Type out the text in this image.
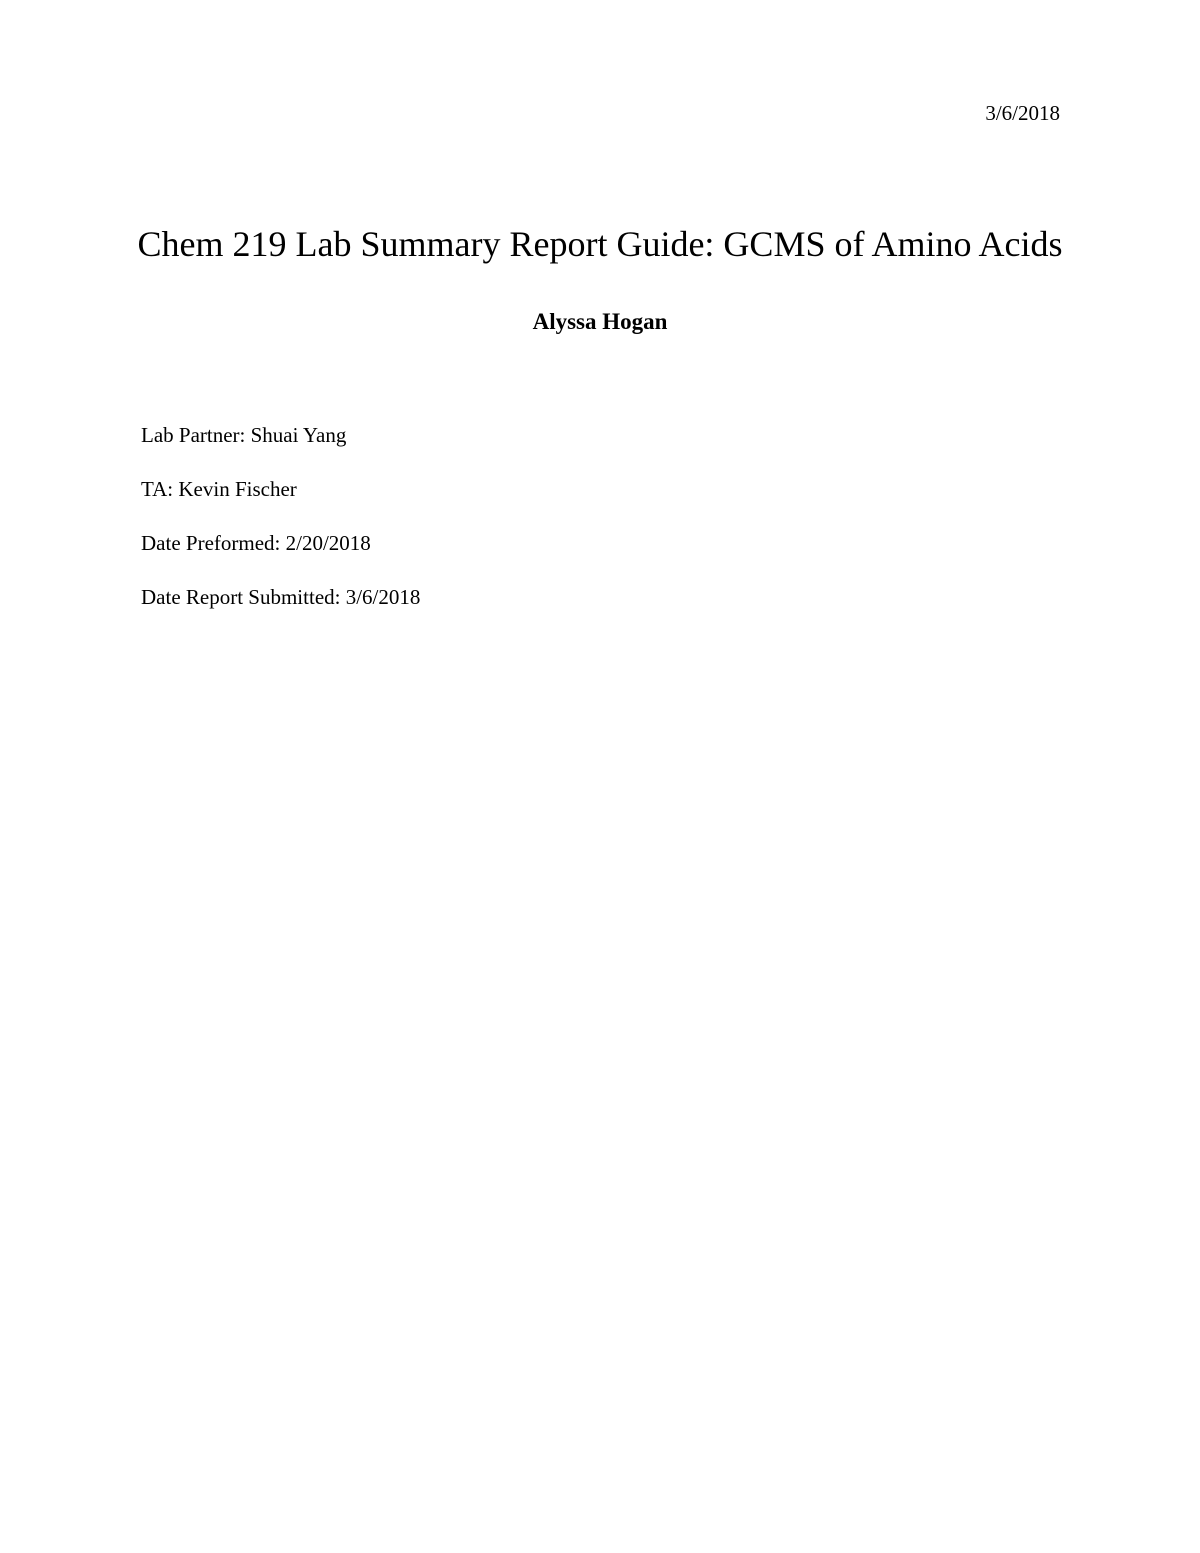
3/6/2018
Chem 219 Lab Summary Report Guide: GCMS of Amino Acids
Alyssa Hogan
Lab Partner: Shuai Yang
TA: Kevin Fischer
Date Preformed: 2/20/2018
Date Report Submitted: 3/6/2018
